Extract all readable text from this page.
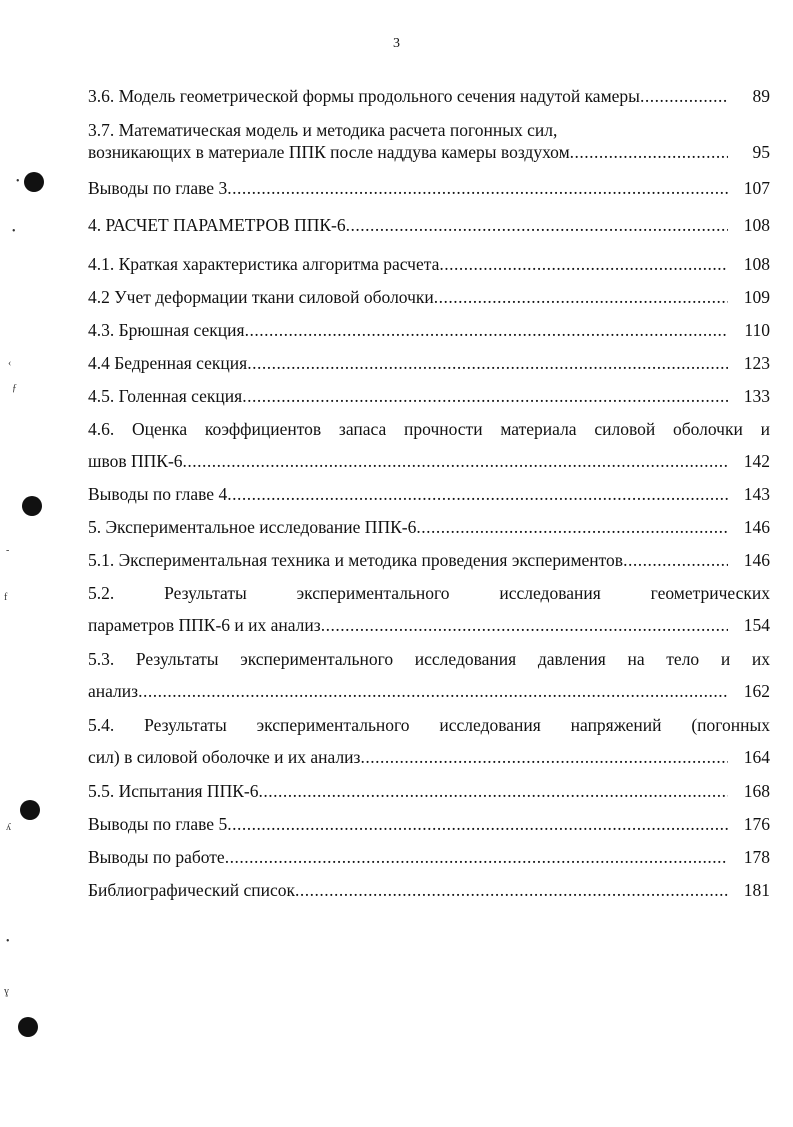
3
•
•
‹
ƒ
-
f
ʎ
•
ɣ
3.6. Модель геометрической формы продольного сечения надутой камеры .....	89
3.7. Математическая модель и методика расчета погонных сил,
возникающих в материале ППК после наддува камеры воздухом .....	95
Выводы по главе 3 .....	107
4. РАСЧЕТ ПАРАМЕТРОВ ППК-6 .....	108
4.1. Краткая характеристика алгоритма расчета .....	108
4.2 Учет деформации ткани силовой оболочки .....	109
4.3. Брюшная секция .....	110
4.4 Бедренная секция .....	123
4.5. Голенная секция .....	133
4.6. Оценка коэффициентов запаса прочности материала силовой оболочки и
швов ППК-6 .....	142
Выводы по главе 4 .....	143
5. Экспериментальное исследование ППК-6 .....	146
5.1. Экспериментальная техника и методика проведения экспериментов .....	146
5.2. Результаты экспериментального исследования геометрических
параметров ППК-6 и их анализ .....	154
5.3. Результаты экспериментального исследования давления на тело и их
анализ .....	162
5.4. Результаты экспериментального исследования напряжений (погонных
сил) в силовой оболочке и их анализ .....	164
5.5. Испытания ППК-6 .....	168
Выводы по главе 5 .....	176
Выводы по работе .....	178
Библиографический список .....	181
